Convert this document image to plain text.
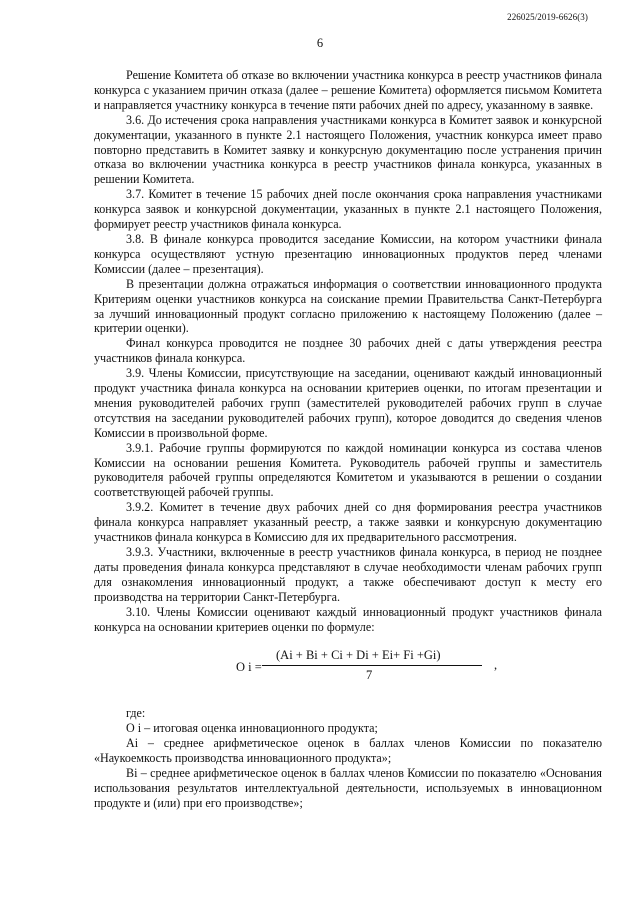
226025/2019-6626(3)
6

Решение Комитета об отказе во включении участника конкурса в реестр участников финала конкурса с указанием причин отказа (далее – решение Комитета) оформляется письмом Комитета и направляется участнику конкурса в течение пяти рабочих дней по адресу, указанному в заявке.

3.6. До истечения срока направления участниками конкурса в Комитет заявок и конкурсной документации, указанного в пункте 2.1 настоящего Положения, участник конкурса имеет право повторно представить в Комитет заявку и конкурсную документацию после устранения причин отказа во включении участника конкурса в реестр участников финала конкурса, указанных в решении Комитета.

3.7. Комитет в течение 15 рабочих дней после окончания срока направления участниками конкурса заявок и конкурсной документации, указанных в пункте 2.1 настоящего Положения, формирует реестр участников финала конкурса.

3.8. В финале конкурса проводится заседание Комиссии, на котором участники финала конкурса осуществляют устную презентацию инновационных продуктов перед членами Комиссии (далее – презентация).

В презентации должна отражаться информация о соответствии инновационного продукта Критериям оценки участников конкурса на соискание премии Правительства Санкт-Петербурга за лучший инновационный продукт согласно приложению к настоящему Положению (далее – критерии оценки).

Финал конкурса проводится не позднее 30 рабочих дней с даты утверждения реестра участников финала конкурса.

3.9. Члены Комиссии, присутствующие на заседании, оценивают каждый инновационный продукт участника финала конкурса на основании критериев оценки, по итогам презентации и мнения руководителей рабочих групп (заместителей руководителей рабочих групп в случае отсутствия на заседании руководителей рабочих групп), которое доводится до сведения членов Комиссии в произвольной форме.

3.9.1. Рабочие группы формируются по каждой номинации конкурса из состава членов Комиссии на основании решения Комитета. Руководитель рабочей группы и заместитель руководителя рабочей группы определяются Комитетом и указываются в решении о создании соответствующей рабочей группы.

3.9.2. Комитет в течение двух рабочих дней со дня формирования реестра участников финала конкурса направляет указанный реестр, а также заявки и конкурсную документацию участников финала конкурса в Комиссию для их предварительного рассмотрения.

3.9.3. Участники, включенные в реестр участников финала конкурса, в период не позднее даты проведения финала конкурса представляют в случае необходимости членам рабочих групп для ознакомления инновационный продукт, а также обеспечивают доступ к месту его производства на территории Санкт-Петербурга.

3.10. Члены Комиссии оценивают каждый инновационный продукт участников финала конкурса на основании критериев оценки по формуле:

O i =
(Ai + Bi + Ci + Di + Ei+ Fi +Gi)
7
,

где:

O i – итоговая оценка инновационного продукта;

Ai – среднее арифметическое оценок в баллах членов Комиссии по показателю «Наукоемкость производства инновационного продукта»;

Bi – среднее арифметическое оценок в баллах членов Комиссии по показателю «Основания использования результатов интеллектуальной деятельности, используемых в инновационном продукте и (или) при его производстве»;
